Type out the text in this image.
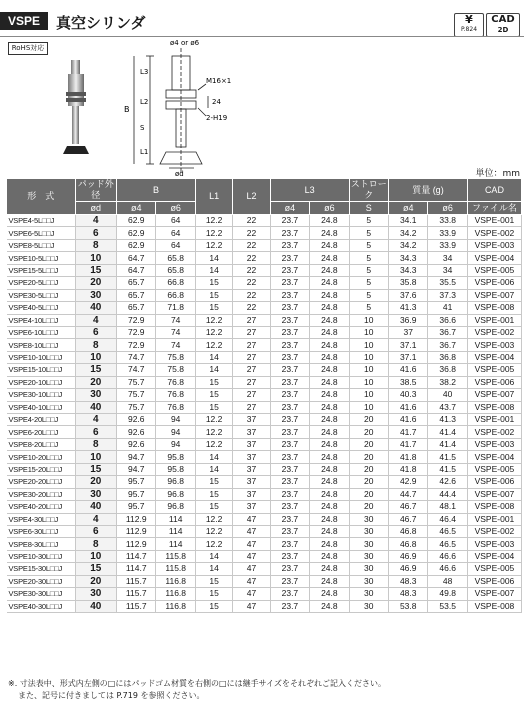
VSPE	真空シリンダ	¥
P.824
CAD
2D
RoHS対応
ø4 or ø6
M16×1
24
2-H19
B
L3
L2
S
L1
ød	単位：mm
形　式	パッド外径	B		L1	L2	L3		ストローク	質量 (g)		CAD
	ød	ø4	ø6			ø4	ø6	S	ø4	ø6	ファイル名
VSPE4-5L□□J	4	62.9	64	12.2	22	23.7	24.8	5	34.1	33.8	VSPE-001
VSPE6-5L□□J	6	62.9	64	12.2	22	23.7	24.8	5	34.2	33.9	VSPE-002
VSPE8-5L□□J	8	62.9	64	12.2	22	23.7	24.8	5	34.2	33.9	VSPE-003
VSPE10-5L□□J	10	64.7	65.8	14	22	23.7	24.8	5	34.3	34	VSPE-004
VSPE15-5L□□J	15	64.7	65.8	14	22	23.7	24.8	5	34.3	34	VSPE-005
VSPE20-5L□□J	20	65.7	66.8	15	22	23.7	24.8	5	35.8	35.5	VSPE-006
VSPE30-5L□□J	30	65.7	66.8	15	22	23.7	24.8	5	37.6	37.3	VSPE-007
VSPE40-5L□□J	40	65.7	71.8	15	22	23.7	24.8	5	41.3	41	VSPE-008
VSPE4-10L□□J	4	72.9	74	12.2	27	23.7	24.8	10	36.9	36.6	VSPE-001
VSPE6-10L□□J	6	72.9	74	12.2	27	23.7	24.8	10	37	36.7	VSPE-002
VSPE8-10L□□J	8	72.9	74	12.2	27	23.7	24.8	10	37.1	36.7	VSPE-003
VSPE10-10L□□J	10	74.7	75.8	14	27	23.7	24.8	10	37.1	36.8	VSPE-004
VSPE15-10L□□J	15	74.7	75.8	14	27	23.7	24.8	10	41.6	36.8	VSPE-005
VSPE20-10L□□J	20	75.7	76.8	15	27	23.7	24.8	10	38.5	38.2	VSPE-006
VSPE30-10L□□J	30	75.7	76.8	15	27	23.7	24.8	10	40.3	40	VSPE-007
VSPE40-10L□□J	40	75.7	76.8	15	27	23.7	24.8	10	41.6	43.7	VSPE-008
VSPE4-20L□□J	4	92.6	94	12.2	37	23.7	24.8	20	41.6	41.3	VSPE-001
VSPE6-20L□□J	6	92.6	94	12.2	37	23.7	24.8	20	41.7	41.4	VSPE-002
VSPE8-20L□□J	8	92.6	94	12.2	37	23.7	24.8	20	41.7	41.4	VSPE-003
VSPE10-20L□□J	10	94.7	95.8	14	37	23.7	24.8	20	41.8	41.5	VSPE-004
VSPE15-20L□□J	15	94.7	95.8	14	37	23.7	24.8	20	41.8	41.5	VSPE-005
VSPE20-20L□□J	20	95.7	96.8	15	37	23.7	24.8	20	42.9	42.6	VSPE-006
VSPE30-20L□□J	30	95.7	96.8	15	37	23.7	24.8	20	44.7	44.4	VSPE-007
VSPE40-20L□□J	40	95.7	96.8	15	37	23.7	24.8	20	46.7	48.1	VSPE-008
VSPE4-30L□□J	4	112.9	114	12.2	47	23.7	24.8	30	46.7	46.4	VSPE-001
VSPE6-30L□□J	6	112.9	114	12.2	47	23.7	24.8	30	46.8	46.5	VSPE-002
VSPE8-30L□□J	8	112.9	114	12.2	47	23.7	24.8	30	46.8	46.5	VSPE-003
VSPE10-30L□□J	10	114.7	115.8	14	47	23.7	24.8	30	46.9	46.6	VSPE-004
VSPE15-30L□□J	15	114.7	115.8	14	47	23.7	24.8	30	46.9	46.6	VSPE-005
VSPE20-30L□□J	20	115.7	116.8	15	47	23.7	24.8	30	48.3	48	VSPE-006
VSPE30-30L□□J	30	115.7	116.8	15	47	23.7	24.8	30	48.3	49.8	VSPE-007
VSPE40-30L□□J	40	115.7	116.8	15	47	23.7	24.8	30	53.8	53.5	VSPE-008
※. 寸法表中、形式内左側の□にはパッドゴム材質を右側の□には継手サイズをそれぞれご記入ください。
また、記号に付きましては P.719 を参照ください。
